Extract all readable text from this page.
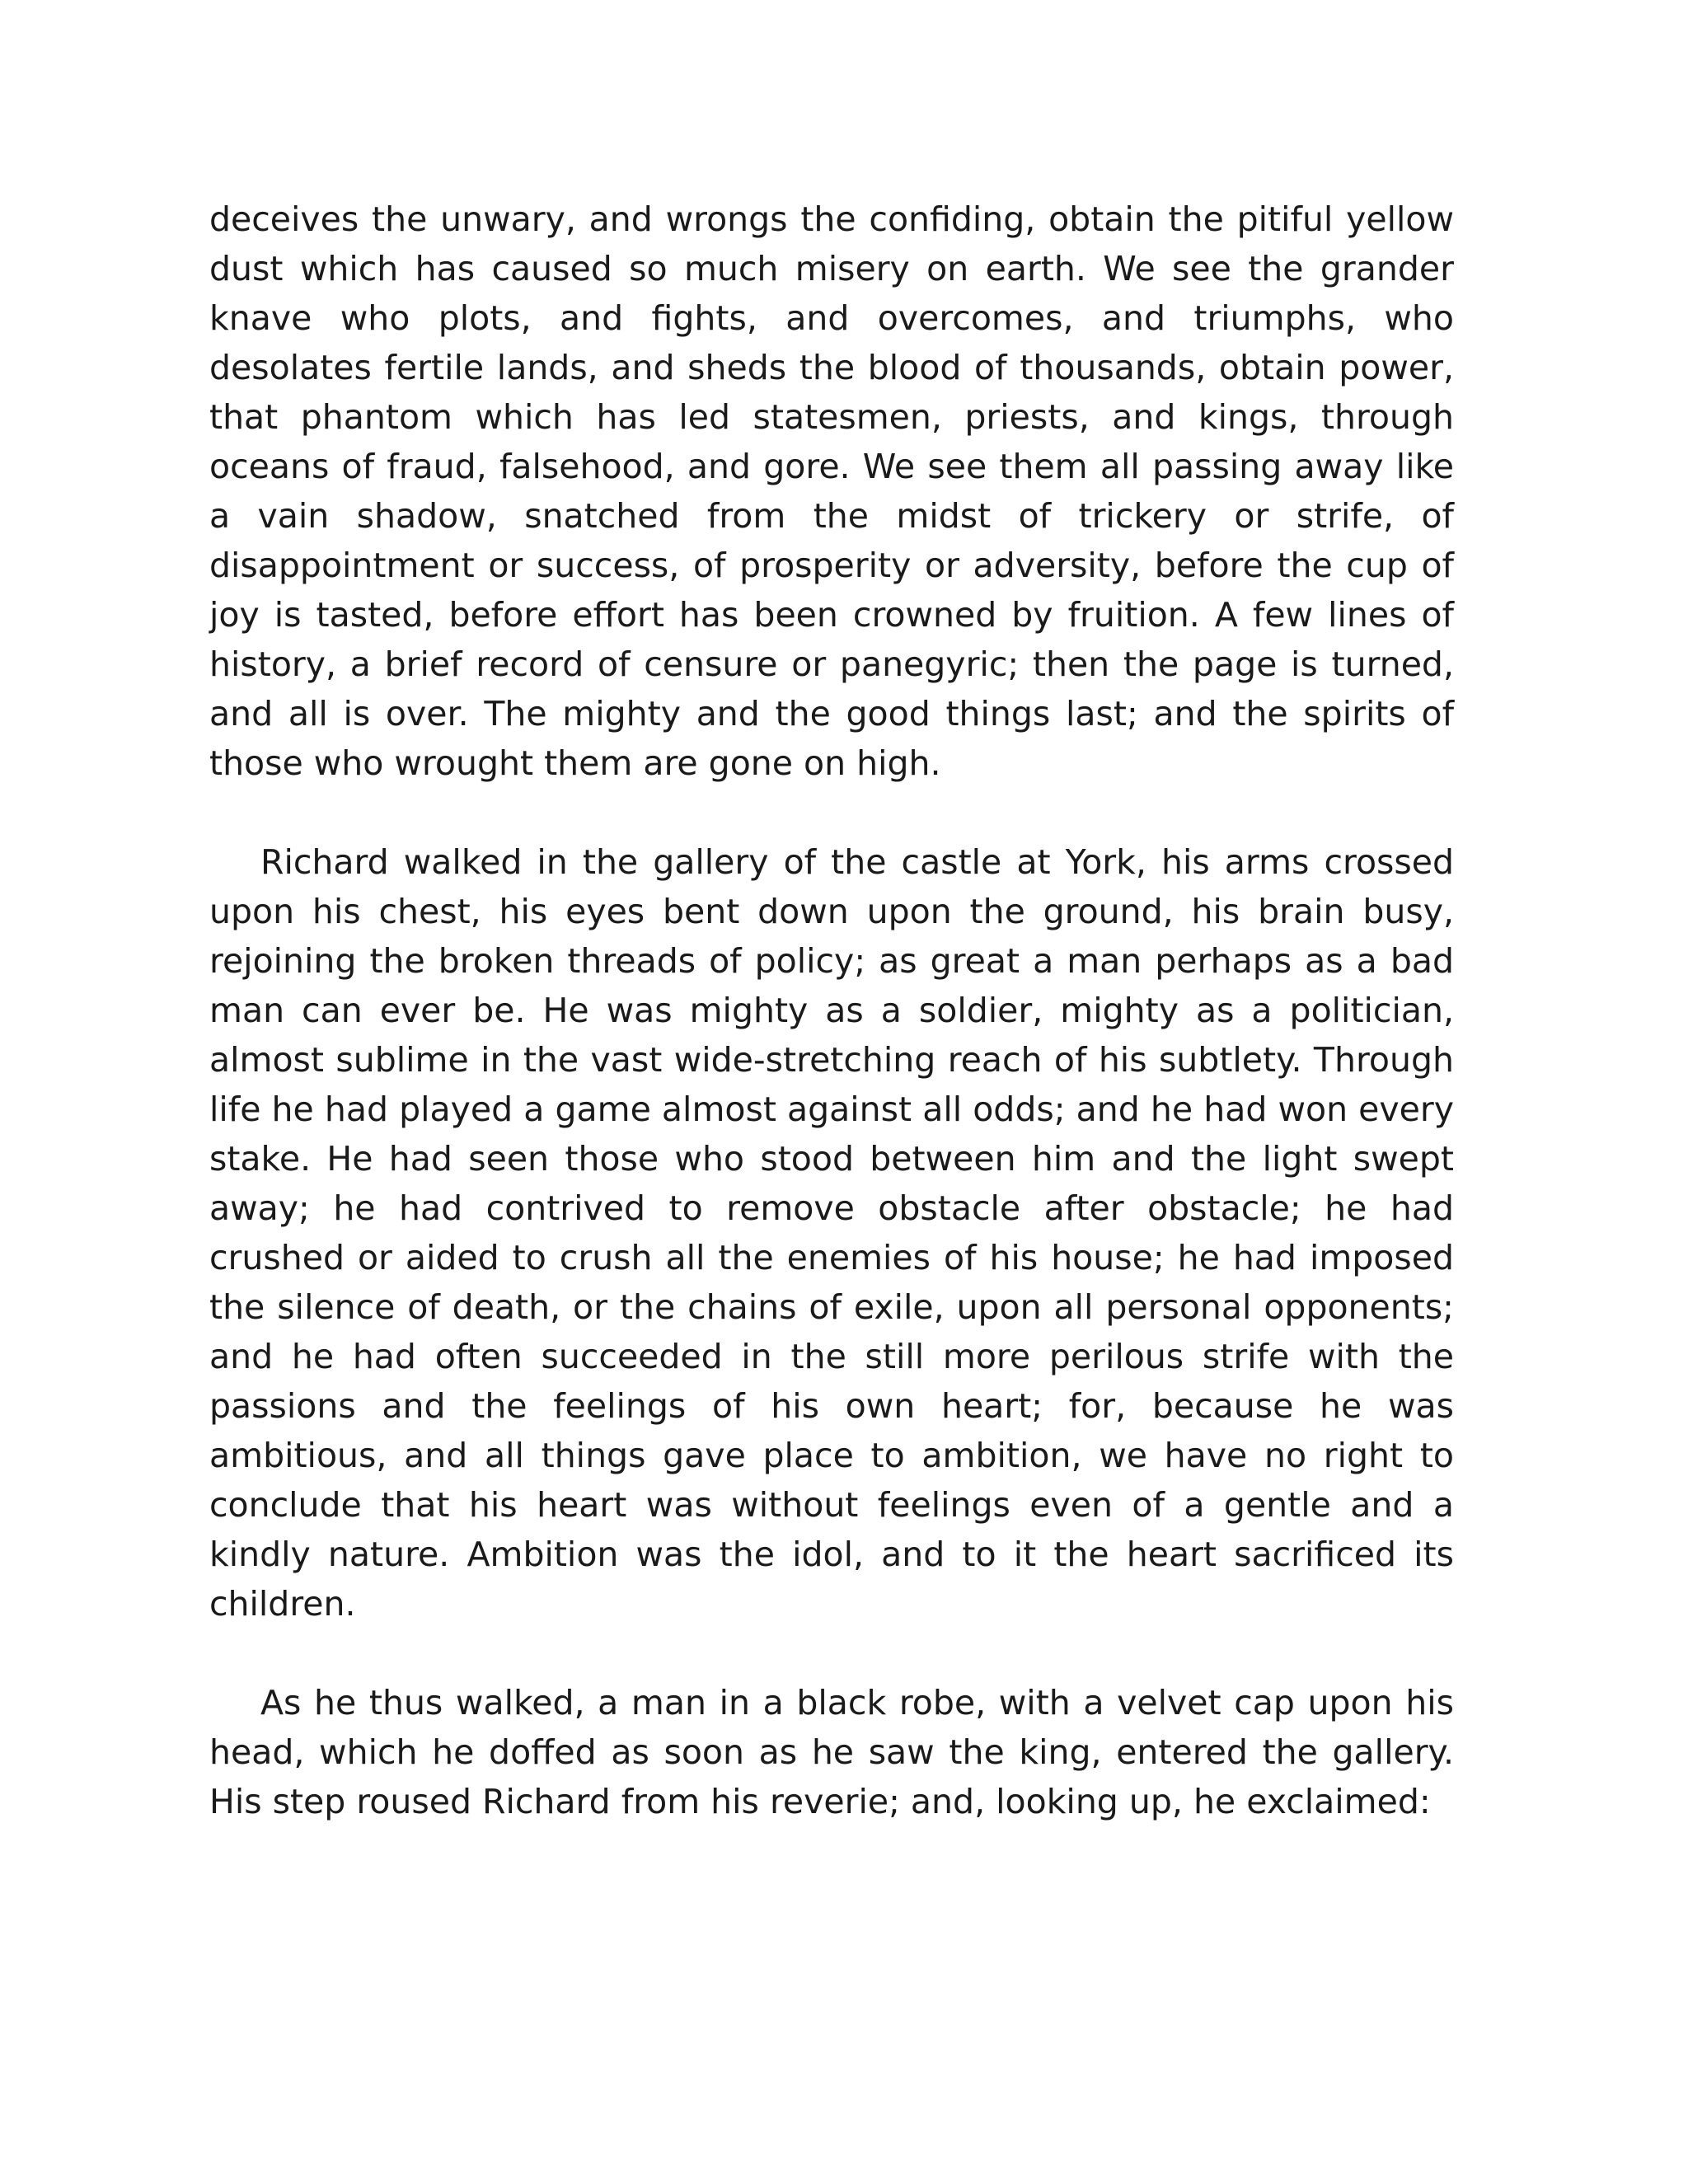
deceives the unwary, and wrongs the confiding, obtain the pitiful yellow dust which has caused so much misery on earth. We see the grander knave who plots, and fights, and overcomes, and triumphs, who desolates fertile lands, and sheds the blood of thousands, obtain power, that phantom which has led statesmen, priests, and kings, through oceans of fraud, falsehood, and gore. We see them all passing away like a vain shadow, snatched from the midst of trickery or strife, of disappointment or success, of prosperity or adversity, before the cup of joy is tasted, before effort has been crowned by fruition. A few lines of history, a brief record of censure or panegyric; then the page is turned, and all is over. The mighty and the good things last; and the spirits of those who wrought them are gone on high.

Richard walked in the gallery of the castle at York, his arms crossed upon his chest, his eyes bent down upon the ground, his brain busy, rejoining the broken threads of policy; as great a man perhaps as a bad man can ever be. He was mighty as a soldier, mighty as a politician, almost sublime in the vast wide-stretching reach of his subtlety. Through life he had played a game almost against all odds; and he had won every stake. He had seen those who stood between him and the light swept away; he had contrived to remove obstacle after obstacle; he had crushed or aided to crush all the enemies of his house; he had imposed the silence of death, or the chains of exile, upon all personal opponents; and he had often succeeded in the still more perilous strife with the passions and the feelings of his own heart; for, because he was ambitious, and all things gave place to ambition, we have no right to conclude that his heart was without feelings even of a gentle and a kindly nature. Ambition was the idol, and to it the heart sacrificed its children.

As he thus walked, a man in a black robe, with a velvet cap upon his head, which he doffed as soon as he saw the king, entered the gallery. His step roused Richard from his reverie; and, looking up, he exclaimed:
